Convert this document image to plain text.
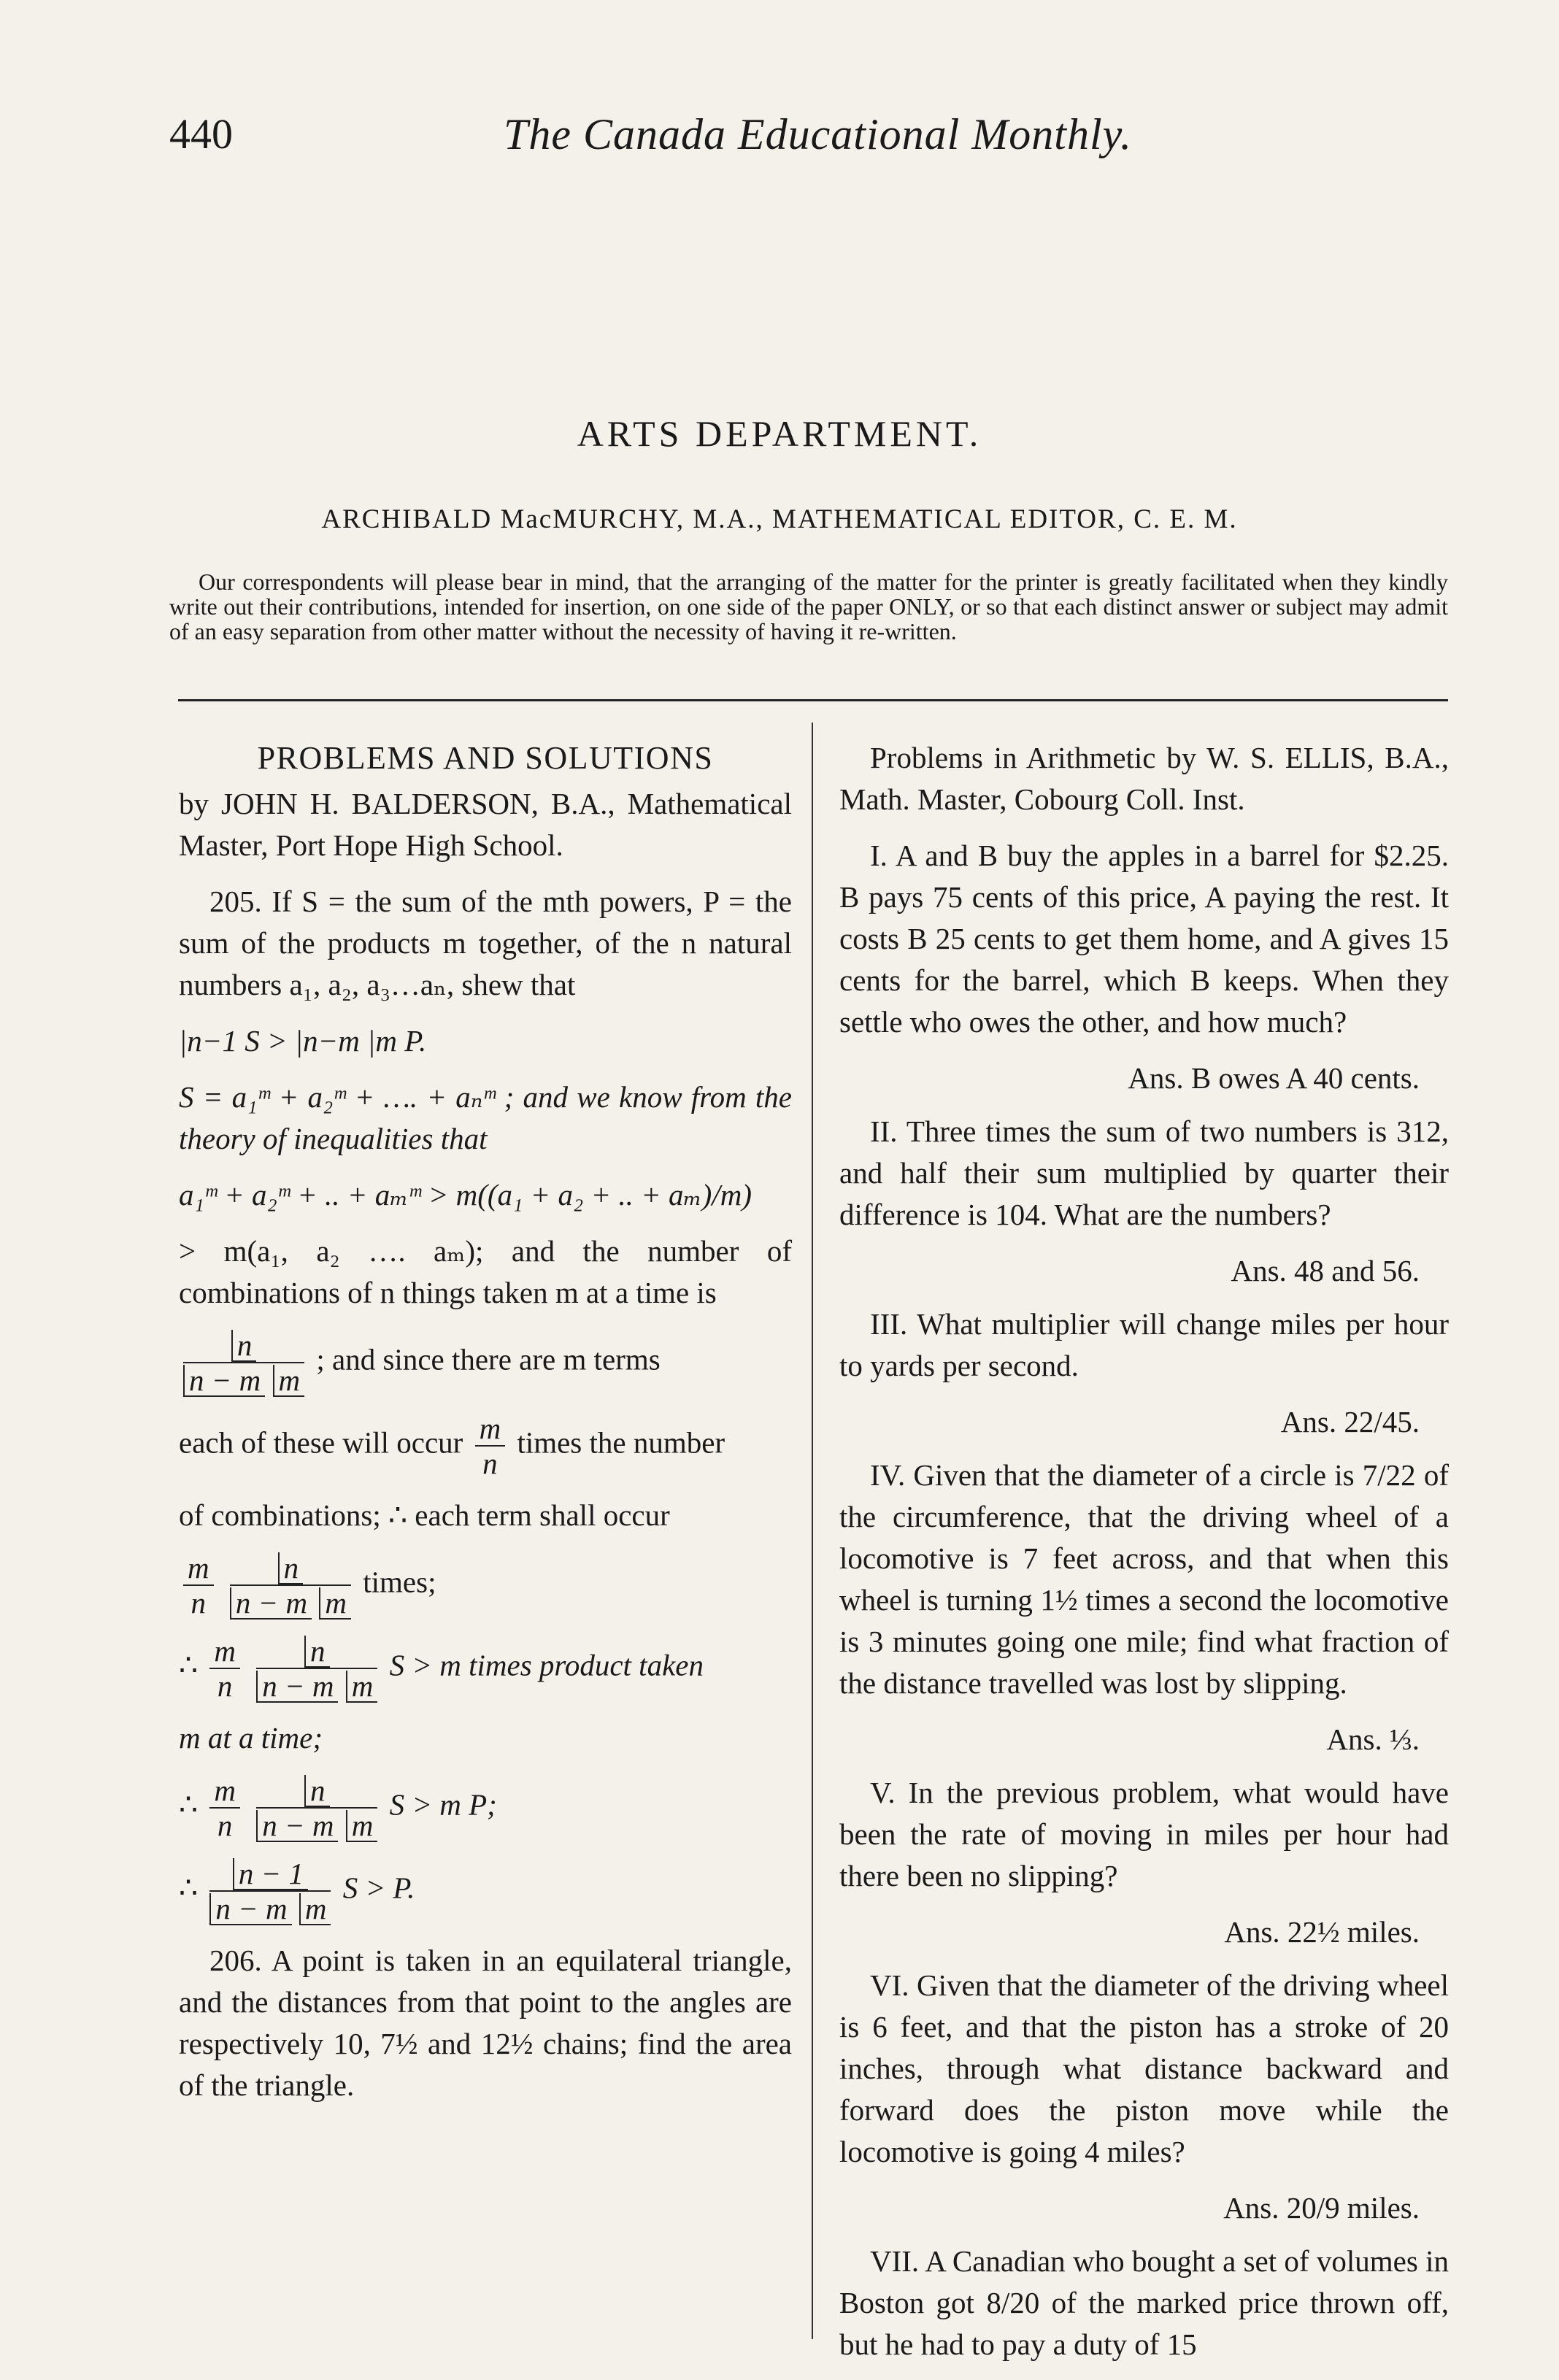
440	The Canada Educational Monthly.
ARTS DEPARTMENT.
ARCHIBALD MacMURCHY, M.A., MATHEMATICAL EDITOR, C. E. M.
Our correspondents will please bear in mind, that the arranging of the matter for the printer is greatly facilitated when they kindly write out their contributions, intended for insertion, on one side of the paper ONLY, or so that each distinct answer or subject may admit of an easy separation from other matter without the necessity of having it re-written.
PROBLEMS AND SOLUTIONS

by JOHN H. BALDERSON, B.A., Mathematical Master, Port Hope High School.

205. If S = the sum of the mth powers, P = the sum of the products m together, of the n natural numbers a₁, a₂, a₃…aₙ, shew that

|n−1 S > |n−m |m P.

S = a₁ᵐ + a₂ᵐ + …. + aₙᵐ ; and we know from the theory of inequalities that

a₁ᵐ + a₂ᵐ + .. + aₘᵐ > m((a₁ + a₂ + .. + aₘ)/m)

> m(a₁, a₂ …. aₘ); and the number of combinations of n things taken m at a time is

$\frac{n}{\text{n − m m}}$ ; and since there are m terms
each of these will occur $\frac{m}{n}$ times the number

of combinations; ∴ each term shall occur

$\frac{m}{n}$
$\frac{n}{\text{n − m m}}$ times;
∴ $\frac{m}{n}$
$\frac{n}{\text{n − m m}}$ S > m times product taken

m at a time;

∴ $\frac{m}{n}$
$\frac{n}{\text{n − m m}}$ S > m P;
∴ $\frac{n - 1}{\text{n − m m}}$ S > P.

206. A point is taken in an equilateral triangle, and the distances from that point to the angles are respectively 10, 7½ and 12½ chains; find the area of the triangle.

Problems in Arithmetic by W. S. ELLIS, B.A., Math. Master, Cobourg Coll. Inst.

I. A and B buy the apples in a barrel for $2.25. B pays 75 cents of this price, A paying the rest. It costs B 25 cents to get them home, and A gives 15 cents for the barrel, which B keeps. When they settle who owes the other, and how much?

Ans. B owes A 40 cents.

II. Three times the sum of two numbers is 312, and half their sum multiplied by quarter their difference is 104. What are the numbers?

Ans. 48 and 56.

III. What multiplier will change miles per hour to yards per second.

Ans. 22/45.

IV. Given that the diameter of a circle is 7/22 of the circumference, that the driving wheel of a locomotive is 7 feet across, and that when this wheel is turning 1½ times a second the locomotive is 3 minutes going one mile; find what fraction of the distance travelled was lost by slipping.

Ans. ⅓.

V. In the previous problem, what would have been the rate of moving in miles per hour had there been no slipping?

Ans. 22½ miles.

VI. Given that the diameter of the driving wheel is 6 feet, and that the piston has a stroke of 20 inches, through what distance backward and forward does the piston move while the locomotive is going 4 miles?

Ans. 20/9 miles.

VII. A Canadian who bought a set of volumes in Boston got 8/20 of the marked price thrown off, but he had to pay a duty of 15
